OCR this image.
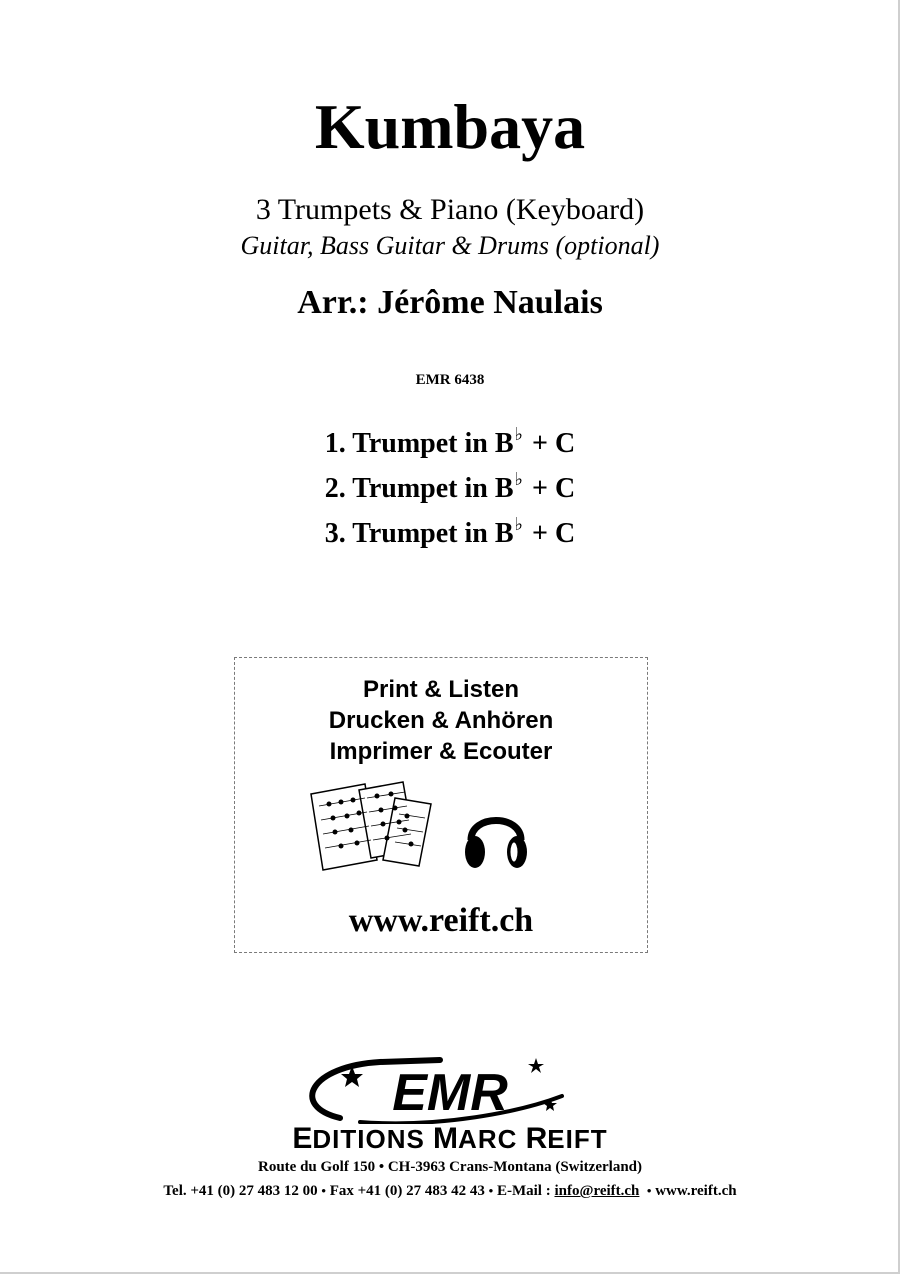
Kumbaya
3 Trumpets & Piano (Keyboard)
Guitar, Bass Guitar & Drums (optional)
Arr.: Jérôme Naulais
EMR 6438
1. Trumpet in B♭ + C
2. Trumpet in B♭ + C
3. Trumpet in B♭ + C
Print & Listen
Drucken & Anhören
Imprimer & Ecouter
www.reift.ch
EMR
EDITIONS MARC REIFT
Route du Golf 150 • CH-3963 Crans-Montana (Switzerland)
Tel. +41 (0) 27 483 12 00 • Fax +41 (0) 27 483 42 43 • E-Mail : info@reift.ch • www.reift.ch
